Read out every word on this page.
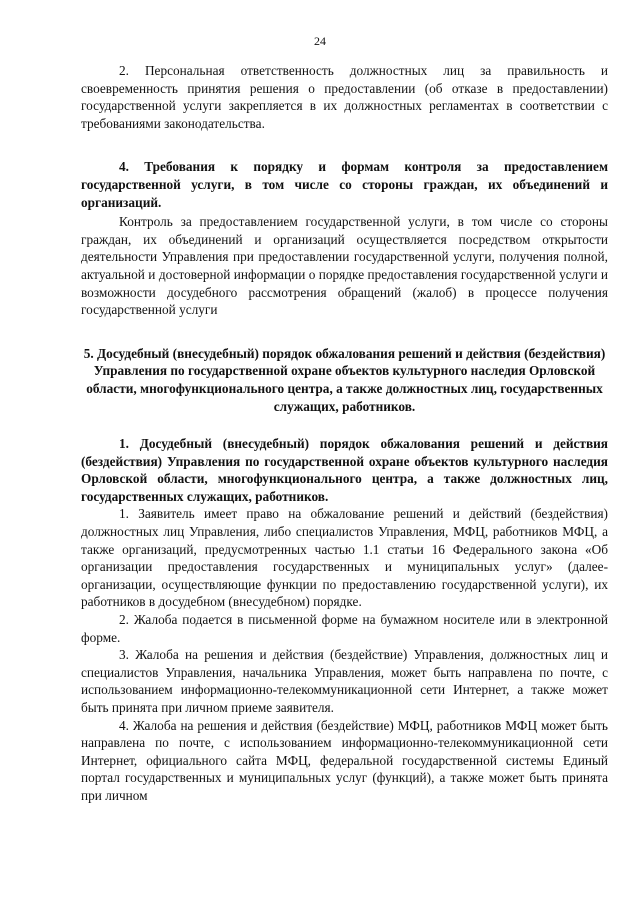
24

2. Персональная ответственность должностных лиц за правильность и своевременность принятия решения о предоставлении (об отказе в предоставлении) государственной услуги закрепляется в их должностных регламентах в соответствии с требованиями законодательства.

4. Требования к порядку и формам контроля за предоставлением государственной услуги, в том числе со стороны граждан, их объединений и организаций.

Контроль за предоставлением государственной услуги, в том числе со стороны граждан, их объединений и организаций осуществляется посредством открытости деятельности Управления при предоставлении государственной услуги, получения полной, актуальной и достоверной информации о порядке предоставления государственной услуги и возможности досудебного рассмотрения обращений (жалоб) в процессе получения государственной услуги

5. Досудебный (внесудебный) порядок обжалования решений и действия (бездействия) Управления по государственной охране объектов культурного наследия Орловской области, многофункционального центра, а также должностных лиц, государственных служащих, работников.

1. Досудебный (внесудебный) порядок обжалования решений и действия (бездействия) Управления по государственной охране объектов культурного наследия Орловской области, многофункционального центра, а также должностных лиц, государственных служащих, работников.

1. Заявитель имеет право на обжалование решений и действий (бездействия) должностных лиц Управления, либо специалистов Управления, МФЦ, работников МФЦ, а также организаций, предусмотренных частью 1.1 статьи 16 Федерального закона «Об организации предоставления государственных и муниципальных услуг» (далее-организации, осуществляющие функции по предоставлению государственной услуги), их работников в досудебном (внесудебном) порядке.

2. Жалоба подается в письменной форме на бумажном носителе или в электронной форме.

3. Жалоба на решения и действия (бездействие) Управления, должностных лиц и специалистов Управления, начальника Управления, может быть направлена по почте, с использованием информационно-телекоммуникационной сети Интернет, а также может быть принята при личном приеме заявителя.

4. Жалоба на решения и действия (бездействие) МФЦ, работников МФЦ может быть направлена по почте, с использованием информационно-телекоммуникационной сети Интернет, официального сайта МФЦ, федеральной государственной системы Единый портал государственных и муниципальных услуг (функций), а также может быть принята при личном
